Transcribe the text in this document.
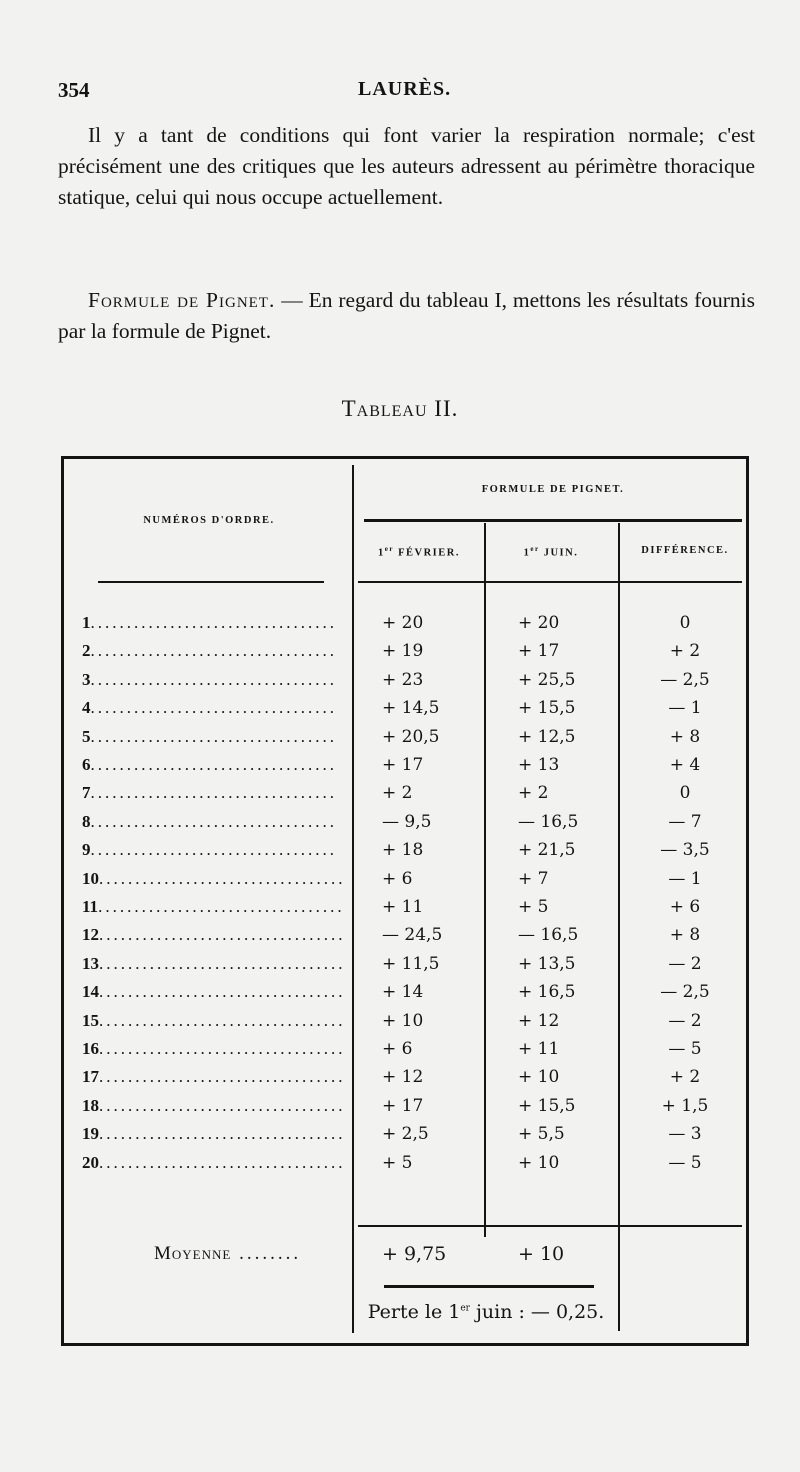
354	LAURÈS.

Il y a tant de conditions qui font varier la respiration normale; c'est précisément une des critiques que les auteurs adressent au périmètre thoracique statique, celui qui nous occupe actuellement.

Formule de Pignet. — En regard du tableau I, mettons les résultats fournis par la formule de Pignet.

Tableau II.
NUMÉROS D'ORDRE.
FORMULE DE PIGNET.
1er FÉVRIER.	1er JUIN.	DIFFÉRENCE.
1..................................	+ 20	+ 20	0
2..................................	+ 19	+ 17	+ 2
3..................................	+ 23	+ 25,5	— 2,5
4..................................	+ 14,5	+ 15,5	— 1
5..................................	+ 20,5	+ 12,5	+ 8
6..................................	+ 17	+ 13	+ 4
7..................................	+ 2	+ 2	0
8..................................	— 9,5	— 16,5	— 7
9..................................	+ 18	+ 21,5	— 3,5
10..................................	+ 6	+ 7	— 1
11..................................	+ 11	+ 5	+ 6
12..................................	— 24,5	— 16,5	+ 8
13..................................	+ 11,5	+ 13,5	— 2
14..................................	+ 14	+ 16,5	— 2,5
15..................................	+ 10	+ 12	— 2
16..................................	+ 6	+ 11	— 5
17..................................	+ 12	+ 10	+ 2
18..................................	+ 17	+ 15,5	+ 1,5
19..................................	+ 2,5	+ 5,5	— 3
20..................................	+ 5	+ 10	— 5
Moyenne ........	+ 9,75	+ 10
Perte le 1er juin : — 0,25.
